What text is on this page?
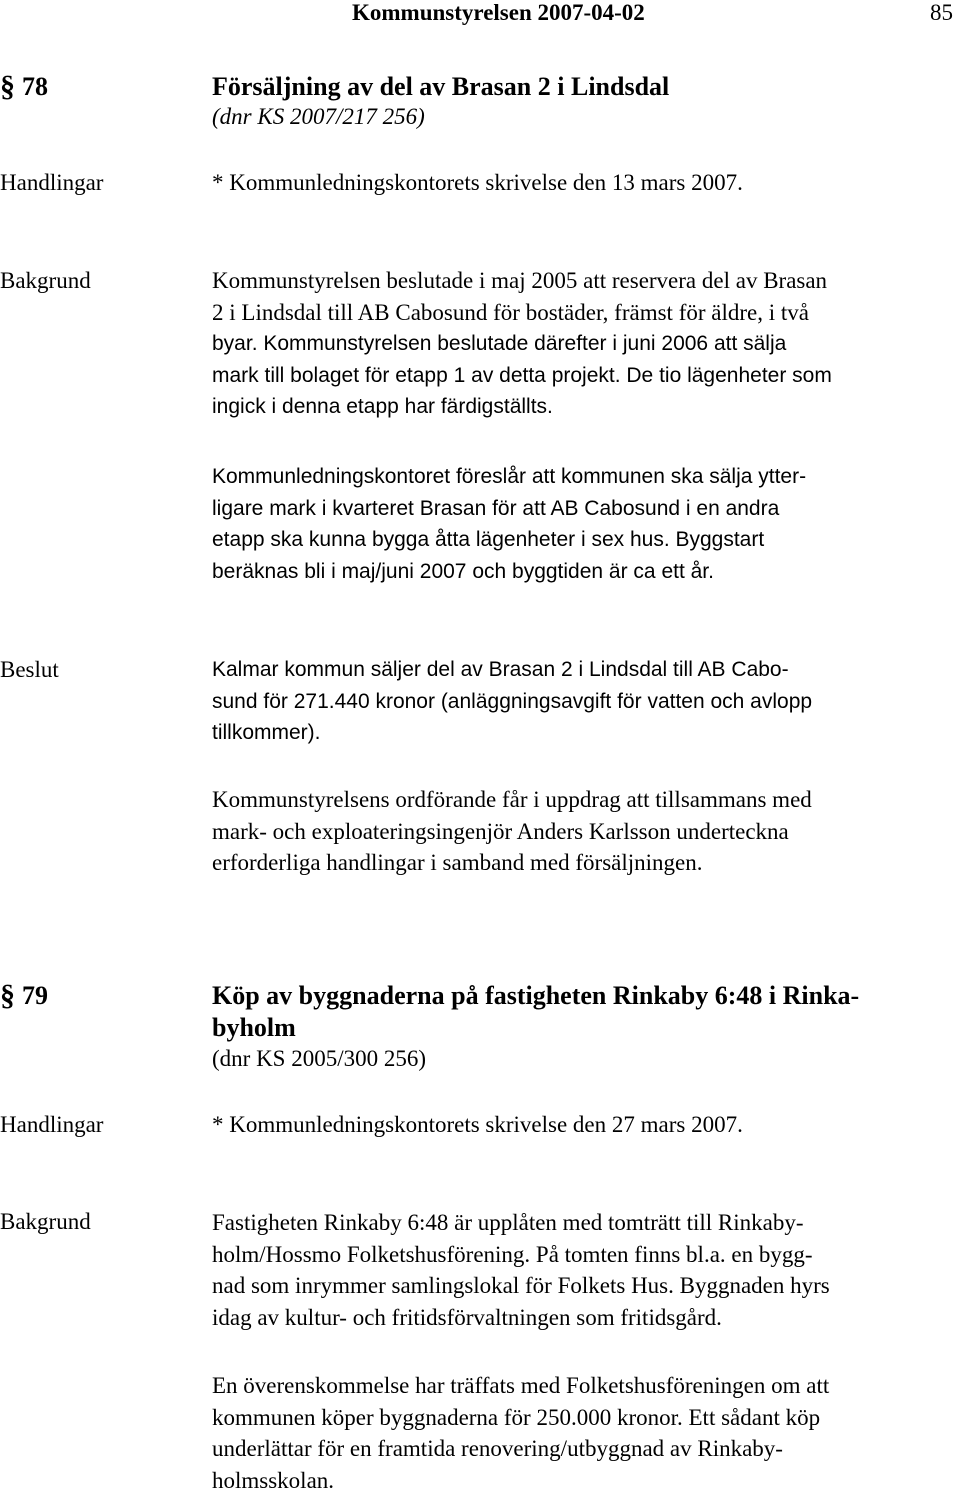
Kommunstyrelsen 2007-04-02	85
§ 78	Försäljning av del av Brasan 2 i Lindsdal
(dnr KS 2007/217 256)
Handlingar	* Kommunledningskontorets skrivelse den 13 mars 2007.
Bakgrund	Kommunstyrelsen beslutade i maj 2005 att reservera del av Brasan
2 i Lindsdal till AB Cabosund för bostäder, främst för äldre, i två
byar. Kommunstyrelsen beslutade därefter i juni 2006 att sälja
mark till bolaget för etapp 1 av detta projekt. De tio lägenheter som
ingick i denna etapp har färdigställts.
Kommunledningskontoret föreslår att kommunen ska sälja ytter-
ligare mark i kvarteret Brasan för att AB Cabosund i en andra
etapp ska kunna bygga åtta lägenheter i sex hus. Byggstart
beräknas bli i maj/juni 2007 och byggtiden är ca ett år.
Beslut	Kalmar kommun säljer del av Brasan 2 i Lindsdal till AB Cabo-
sund för 271.440 kronor (anläggningsavgift för vatten och avlopp
tillkommer).
Kommunstyrelsens ordförande får i uppdrag att tillsammans med
mark- och exploateringsingenjör Anders Karlsson underteckna
erforderliga handlingar i samband med försäljningen.
§ 79	Köp av byggnaderna på fastigheten Rinkaby 6:48 i Rinka-
byholm
(dnr KS 2005/300 256)
Handlingar	* Kommunledningskontorets skrivelse den 27 mars 2007.
Bakgrund	Fastigheten Rinkaby 6:48 är upplåten med tomträtt till Rinkaby-
holm/Hossmo Folketshusförening. På tomten finns bl.a. en bygg-
nad som inrymmer samlingslokal för Folkets Hus. Byggnaden hyrs
idag av kultur- och fritidsförvaltningen som fritidsgård.
En överenskommelse har träffats med Folketshusföreningen om att
kommunen köper byggnaderna för 250.000 kronor. Ett sådant köp
underlättar för en framtida renovering/utbyggnad av Rinkaby-
holmsskolan.
